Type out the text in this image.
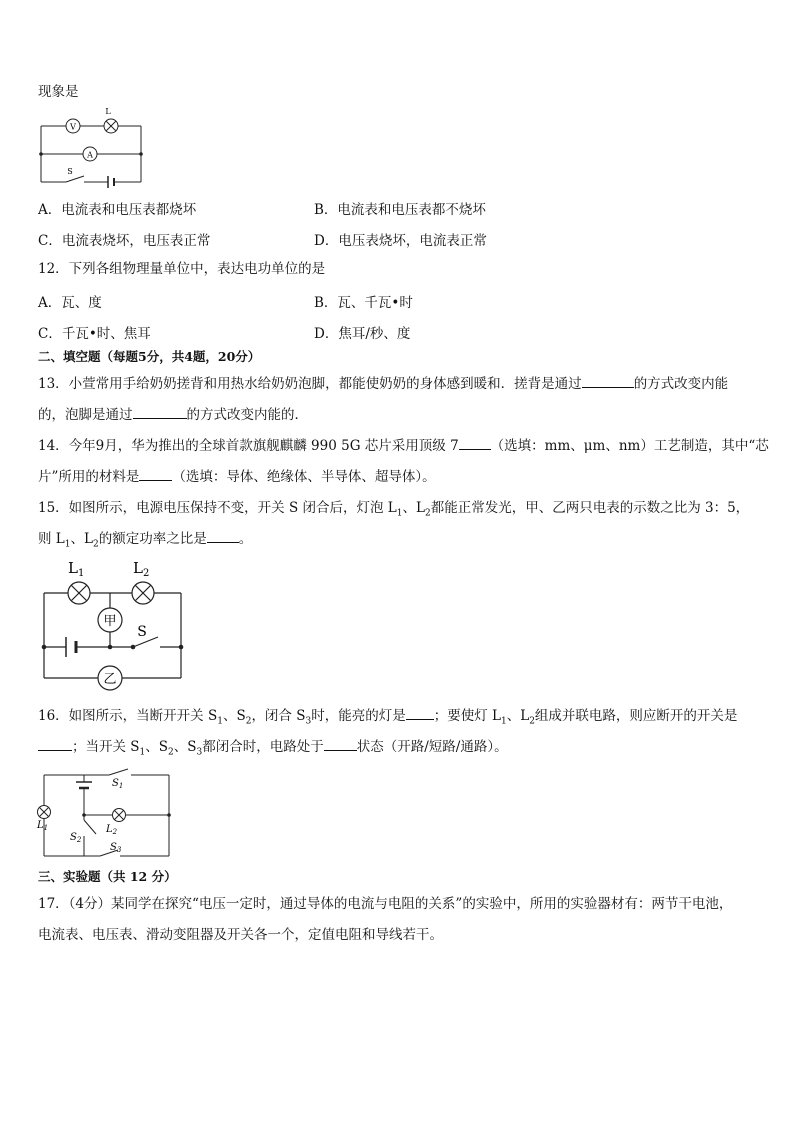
现象是
V
L
A
S
A．电流表和电压表都烧坏	B．电流表和电压表都不烧坏
C．电流表烧坏，电压表正常	D．电压表烧坏，电流表正常
12．下列各组物理量单位中，表达电功单位的是
A．瓦、度	B．瓦、千瓦•时
C．千瓦•时、焦耳	D．焦耳/秒、度
二、填空题（每题5分，共4题，20分）
13．小萱常用手给奶奶搓背和用热水给奶奶泡脚，都能使奶奶的身体感到暖和．搓背是通过	的方式改变内能
的，泡脚是通过	的方式改变内能的．
14．今年9月，华为推出的全球首款旗舰麒麟 990 5G 芯片采用顶级 7 （选填：mm、μm、nm）工艺制造，其中“芯
片”所用的材料是 （选填：导体、绝缘体、半导体、超导体）。
15．如图所示，电源电压保持不变，开关 S 闭合后，灯泡 $L_1$、$L_2$都能正常发光，甲、乙两只电表的示数之比为 3：5，
则 $L_1$、$L_2$的额定功率之比是 。
甲
乙
$L_1$	$L_2$
S
16．如图所示，当断开开关 $S_1$、$S_2$，闭合 $S_3$时，能亮的灯是 ；要使灯 $L_1$、$L_2$组成并联电路，则应断开的开关是
；当开关 $S_1$、$S_2$、$S_3$都闭合时，电路处于 状态（开路/短路/通路）。
$S_1$
$S_2$
$S_3$
$L_1$	$L_2$
三、实验题（共 12 分）
17．（4分）某同学在探究“电压一定时，通过导体的电流与电阻的关系”的实验中，所用的实验器材有：两节干电池，
电流表、电压表、滑动变阻器及开关各一个，定值电阻和导线若干。
